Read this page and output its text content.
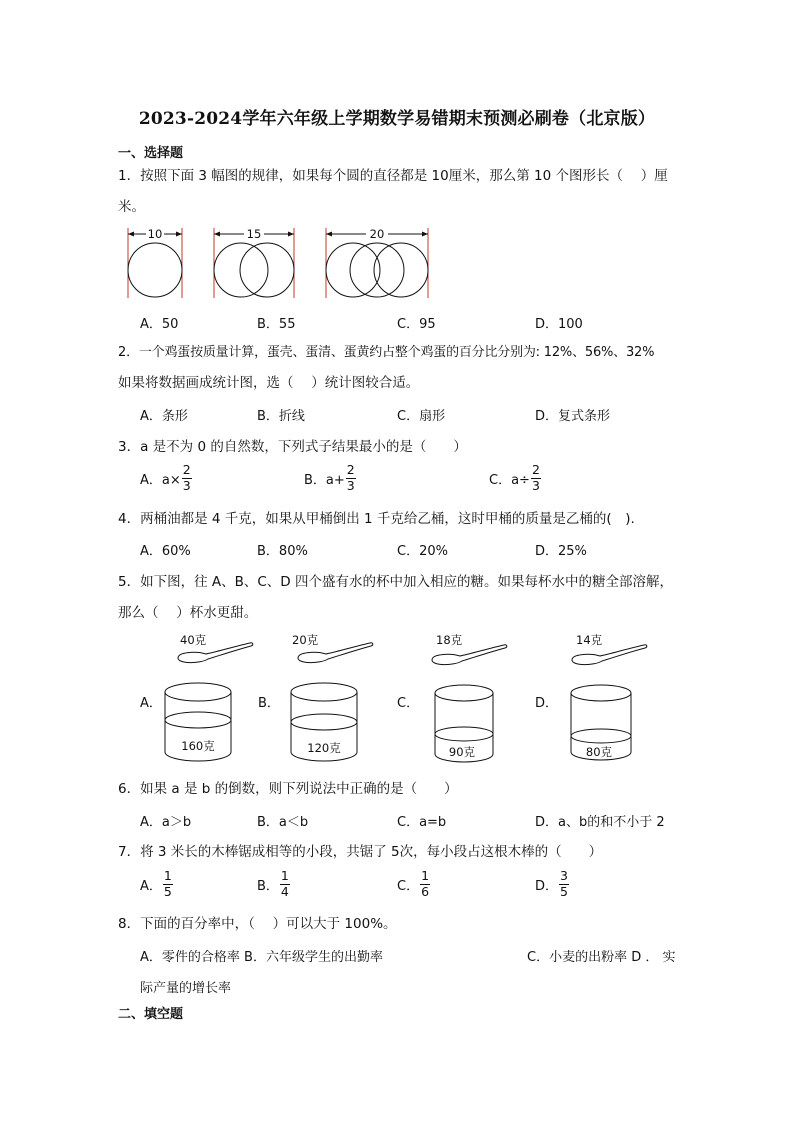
2023-2024学年六年级上学期数学易错期末预测必刷卷（北京版）
一、选择题
1．按照下面 3 幅图的规律，如果每个圆的直径都是 10厘米，那么第 10 个图形长（　 ）厘
米。
10	15	20
A．50	B．55	C．95	D．100
2．一个鸡蛋按质量计算，蛋壳、蛋清、蛋黄约占整个鸡蛋的百分比分别为: 12%、56%、32%
如果将数据画成统计图，选（　 ）统计图较合适。
A．条形	B．折线	C．扇形	D．复式条形
3．a 是不为 0 的自然数，下列式子结果最小的是（　　）
A．$a\times \frac{2}{3}$	B．$a+ \frac{2}{3}$	C．$a\div \frac{2}{3}$
4．两桶油都是 4 千克，如果从甲桶倒出 1 千克给乙桶，这时甲桶的质量是乙桶的(　).
A．60%	B．80%	C．20%	D．25%
5．如下图，往 A、B、C、D 四个盛有水的杯中加入相应的糖。如果每杯水中的糖全部溶解，
那么（　 ）杯水更甜。
40克	20克	18克	14克
A．
160克
B．
120克
C．
90克
D．
80克
6．如果 a 是 b 的倒数，则下列说法中正确的是（　　）
A．a＞b	B．a＜b	C．a=b	D．a、b的和不小于 2
7．将 3 米长的木棒锯成相等的小段，共锯了 5次，每小段占这根木棒的（　　）
A． $\frac{1}{5}$	B． $\frac{1}{4}$	C． $\frac{1}{6}$	D． $\frac{3}{5}$
8．下面的百分率中，（　 ）可以大于 100%。
A．零件的合格率 B．六年级学生的出勤率	C．小麦的出粉率 D ． 实
际产量的增长率
二、填空题
